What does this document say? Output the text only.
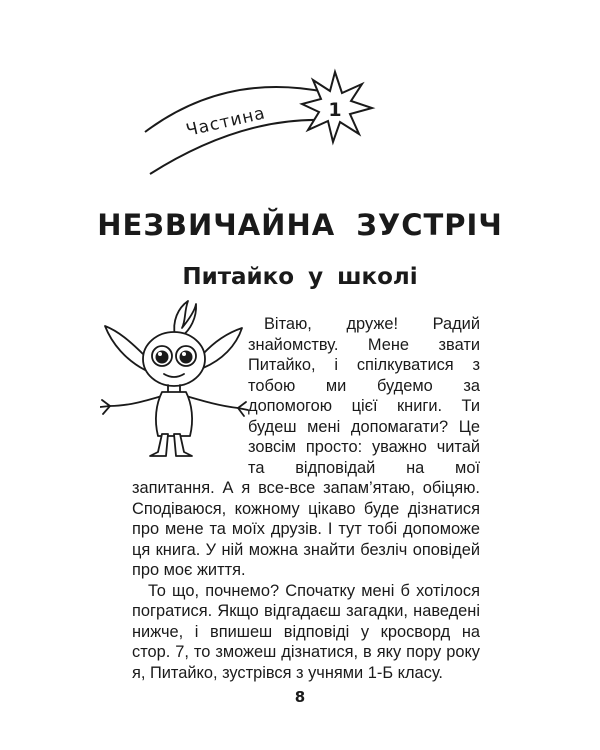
1
Частина
НЕЗВИЧАЙНА ЗУСТРІЧ
Питайко у школі

Вітаю, друже! Радий знайомству. Мене звати Питайко, і спілкуватися з тобою ми будемо за допомогою цієї книги. Ти будеш мені допомагати? Це зовсім просто: уважно читай та відповідай на мої запитання. А я все-все запам’ятаю, обіцяю. Сподіваюся, кожному цікаво буде дізнатися про мене та моїх друзів. І тут тобі допоможе ця книга. У ній можна знайти безліч оповідей про моє життя.

То що, почнемо? Спочатку мені б хотілося погратися. Якщо відгадаєш загадки, наведені нижче, і впишеш відповіді у кросворд на стор. 7, то зможеш дізнатися, в яку пору року я, Питайко, зустрівся з учнями 1-Б класу.

8
